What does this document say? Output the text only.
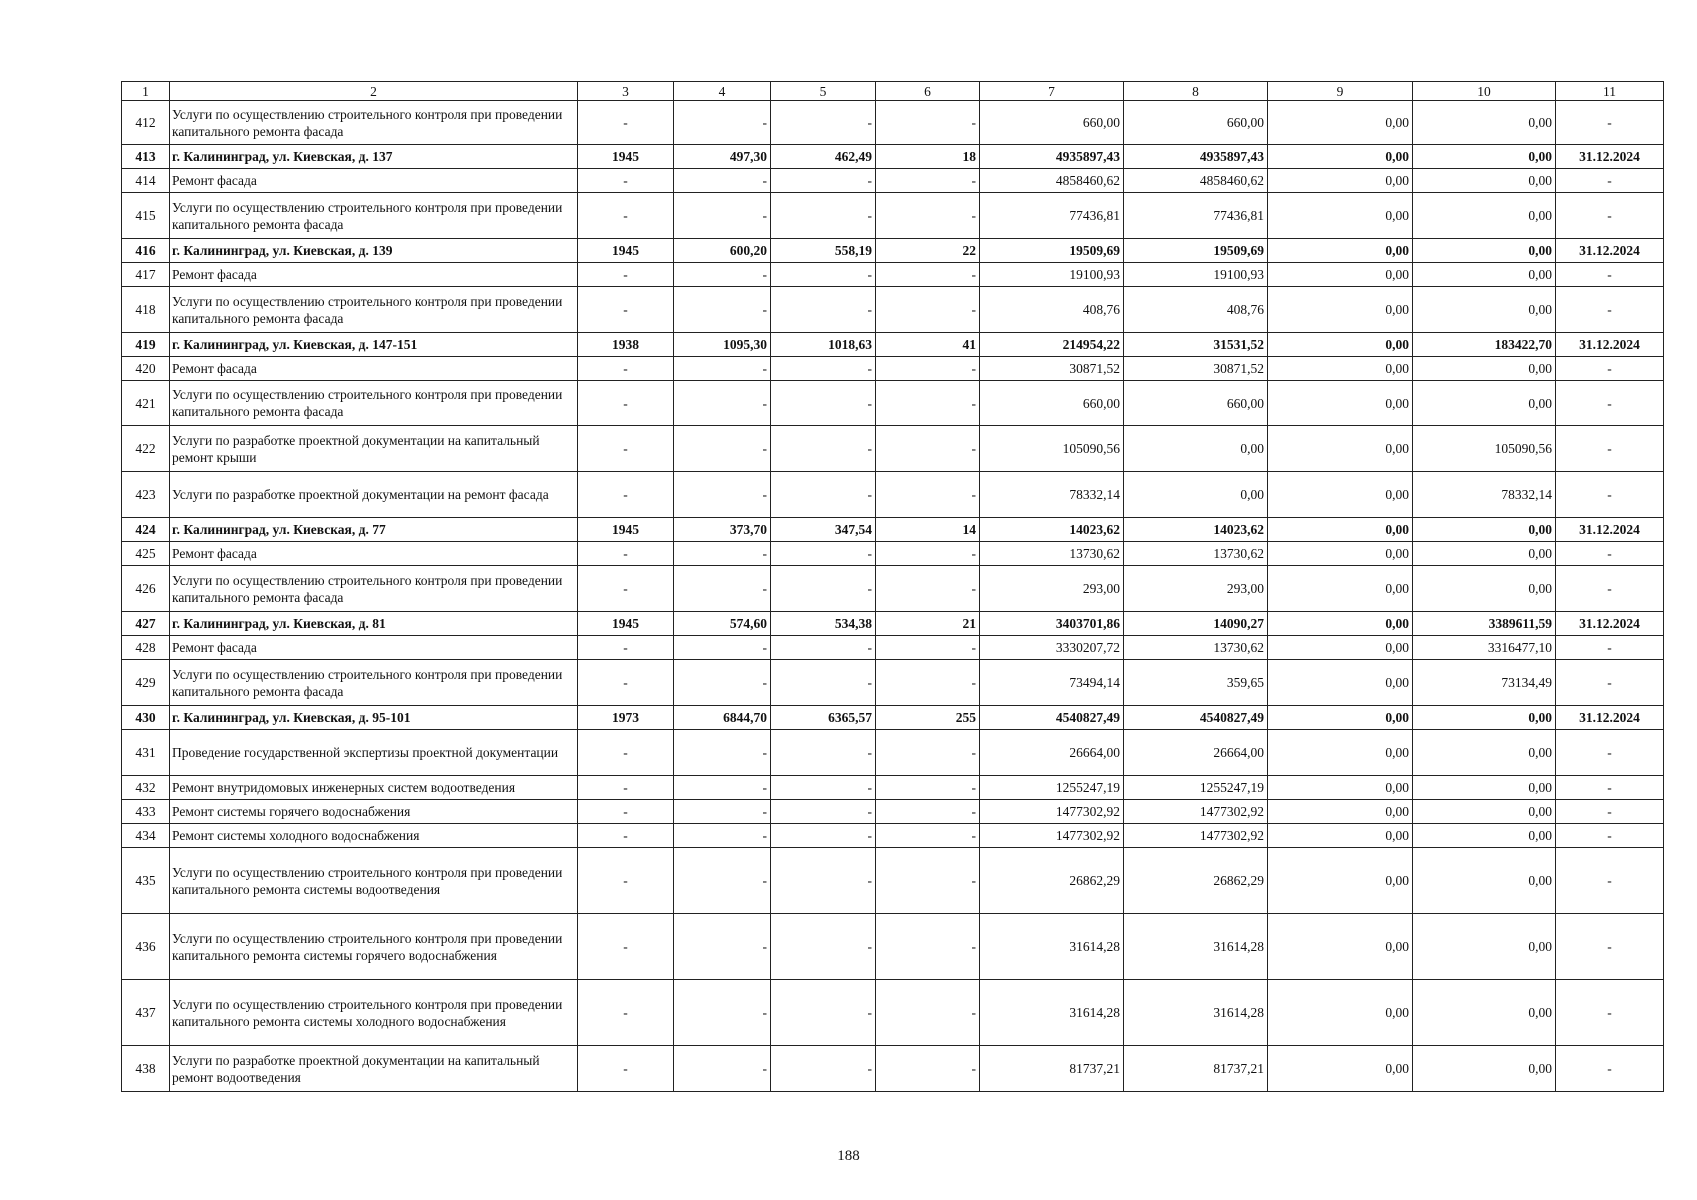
1	2	3	4	5	6	7	8	9	10	11
412	Услуги по осуществлению строительного контроля при проведении капитального ремонта фасада	-	-	-	-	660,00	660,00	0,00	0,00	-
413	г. Калининград, ул. Киевская, д. 137	1945	497,30	462,49	18	4935897,43	4935897,43	0,00	0,00	31.12.2024
414	Ремонт фасада	-	-	-	-	4858460,62	4858460,62	0,00	0,00	-
415	Услуги по осуществлению строительного контроля при проведении капитального ремонта фасада	-	-	-	-	77436,81	77436,81	0,00	0,00	-
416	г. Калининград, ул. Киевская, д. 139	1945	600,20	558,19	22	19509,69	19509,69	0,00	0,00	31.12.2024
417	Ремонт фасада	-	-	-	-	19100,93	19100,93	0,00	0,00	-
418	Услуги по осуществлению строительного контроля при проведении капитального ремонта фасада	-	-	-	-	408,76	408,76	0,00	0,00	-
419	г. Калининград, ул. Киевская, д. 147-151	1938	1095,30	1018,63	41	214954,22	31531,52	0,00	183422,70	31.12.2024
420	Ремонт фасада	-	-	-	-	30871,52	30871,52	0,00	0,00	-
421	Услуги по осуществлению строительного контроля при проведении капитального ремонта фасада	-	-	-	-	660,00	660,00	0,00	0,00	-
422	Услуги по разработке проектной документации на капитальный ремонт крыши	-	-	-	-	105090,56	0,00	0,00	105090,56	-
423	Услуги по разработке проектной документации на ремонт фасада	-	-	-	-	78332,14	0,00	0,00	78332,14	-
424	г. Калининград, ул. Киевская, д. 77	1945	373,70	347,54	14	14023,62	14023,62	0,00	0,00	31.12.2024
425	Ремонт фасада	-	-	-	-	13730,62	13730,62	0,00	0,00	-
426	Услуги по осуществлению строительного контроля при проведении капитального ремонта фасада	-	-	-	-	293,00	293,00	0,00	0,00	-
427	г. Калининград, ул. Киевская, д. 81	1945	574,60	534,38	21	3403701,86	14090,27	0,00	3389611,59	31.12.2024
428	Ремонт фасада	-	-	-	-	3330207,72	13730,62	0,00	3316477,10	-
429	Услуги по осуществлению строительного контроля при проведении капитального ремонта фасада	-	-	-	-	73494,14	359,65	0,00	73134,49	-
430	г. Калининград, ул. Киевская, д. 95-101	1973	6844,70	6365,57	255	4540827,49	4540827,49	0,00	0,00	31.12.2024
431	Проведение государственной экспертизы проектной документации	-	-	-	-	26664,00	26664,00	0,00	0,00	-
432	Ремонт внутридомовых инженерных систем водоотведения	-	-	-	-	1255247,19	1255247,19	0,00	0,00	-
433	Ремонт системы горячего водоснабжения	-	-	-	-	1477302,92	1477302,92	0,00	0,00	-
434	Ремонт системы холодного водоснабжения	-	-	-	-	1477302,92	1477302,92	0,00	0,00	-
435	Услуги по осуществлению строительного контроля при проведении капитального ремонта системы водоотведения	-	-	-	-	26862,29	26862,29	0,00	0,00	-
436	Услуги по осуществлению строительного контроля при проведении капитального ремонта системы горячего водоснабжения	-	-	-	-	31614,28	31614,28	0,00	0,00	-
437	Услуги по осуществлению строительного контроля при проведении капитального ремонта системы холодного водоснабжения	-	-	-	-	31614,28	31614,28	0,00	0,00	-
438	Услуги по разработке проектной документации на капитальный ремонт водоотведения	-	-	-	-	81737,21	81737,21	0,00	0,00	-
188
